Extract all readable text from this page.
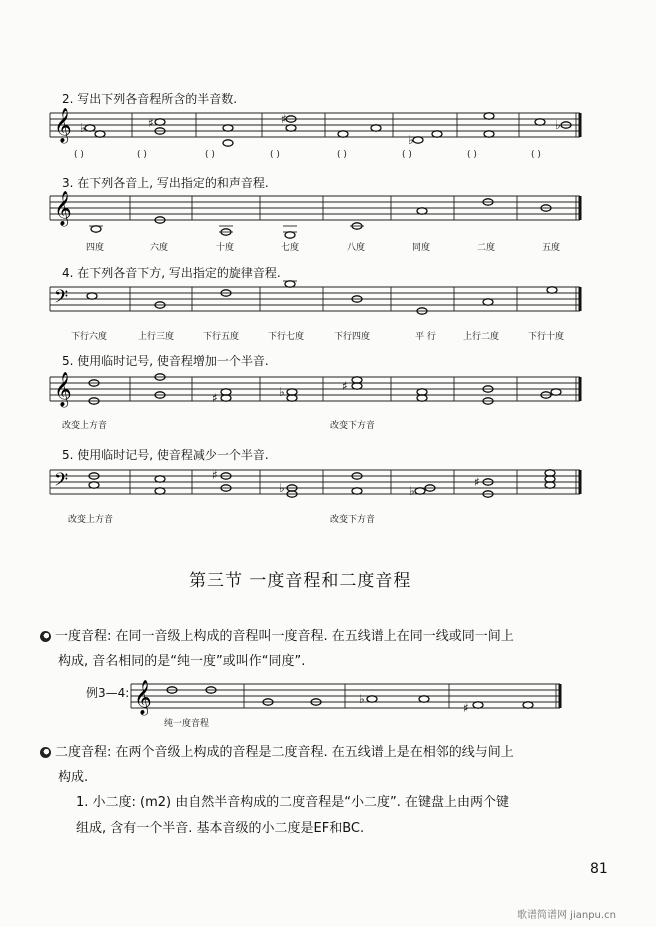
2. 写出下列各音程所含的半音数.
𝄞 ♭	♯	♯
♭
♭
( )	( )	( )	( )	( )	( )	( )	( )
3. 在下列各音上, 写出指定的和声音程.
𝄞
四度	六度	十度	七度	八度	同度	二度	五度
4. 在下列各音下方, 写出指定的旋律音程.
𝄢
下行六度	上行三度	下行五度	下行七度	下行四度	平 行	上行二度	下行十度
5. 使用临时记号, 使音程增加一个半音.
𝄞	♯	♭	♯
改变上方音	改变下方音
5. 使用临时记号, 使音程减少一个半音.
𝄢	♯
♭	♭
♯
改变上方音	改变下方音
第三节 一度音程和二度音程
一度音程: 在同一音级上构成的音程叫一度音程. 在五线谱上在同一线或同一间上
构成, 音名相同的是“纯一度”或叫作“同度”.
例3—4: 𝄞	♭
♯
纯一度音程
二度音程: 在两个音级上构成的音程是二度音程. 在五线谱上是在相邻的线与间上
构成.
1. 小二度: (m2) 由自然半音构成的二度音程是“小二度”. 在键盘上由两个键
组成, 含有一个半音. 基本音级的小二度是EF和BC.
81
歌谱简谱网 jianpu.cn
